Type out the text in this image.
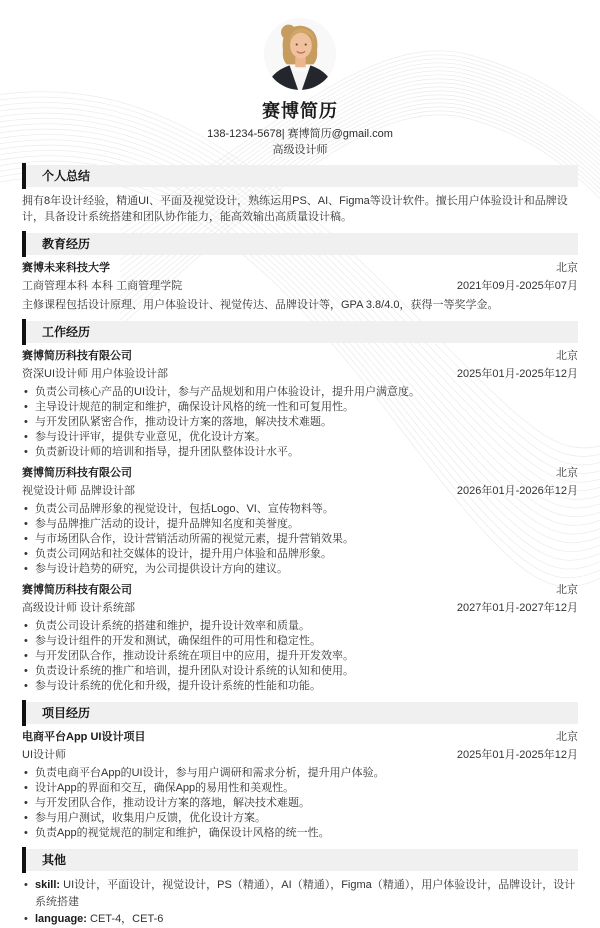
赛博简历
138-1234-5678| 赛博简历@gmail.com
高级设计师
个人总结

拥有8年设计经验，精通UI、平面及视觉设计，熟练运用PS、AI、Figma等设计软件。擅长用户体验设计和品牌设计，具备设计系统搭建和团队协作能力，能高效输出高质量设计稿。

教育经历
赛博未来科技大学	北京
工商管理本科 本科 工商管理学院	2021年09月-2025年07月
主修课程包括设计原理、用户体验设计、视觉传达、品牌设计等，GPA 3.8/4.0，获得一等奖学金。
工作经历
赛博简历科技有限公司	北京
资深UI设计师 用户体验设计部	2025年01月-2025年12月
• 负责公司核心产品的UI设计，参与产品规划和用户体验设计，提升用户满意度。
• 主导设计规范的制定和维护，确保设计风格的统一性和可复用性。
• 与开发团队紧密合作，推动设计方案的落地，解决技术难题。
• 参与设计评审，提供专业意见，优化设计方案。
• 负责新设计师的培训和指导，提升团队整体设计水平。
赛博简历科技有限公司	北京
视觉设计师 品牌设计部	2026年01月-2026年12月
• 负责公司品牌形象的视觉设计，包括Logo、VI、宣传物料等。
• 参与品牌推广活动的设计，提升品牌知名度和美誉度。
• 与市场团队合作，设计营销活动所需的视觉元素，提升营销效果。
• 负责公司网站和社交媒体的设计，提升用户体验和品牌形象。
• 参与设计趋势的研究，为公司提供设计方向的建议。
赛博简历科技有限公司	北京
高级设计师 设计系统部	2027年01月-2027年12月
• 负责公司设计系统的搭建和维护，提升设计效率和质量。
• 参与设计组件的开发和测试，确保组件的可用性和稳定性。
• 与开发团队合作，推动设计系统在项目中的应用，提升开发效率。
• 负责设计系统的推广和培训，提升团队对设计系统的认知和使用。
• 参与设计系统的优化和升级，提升设计系统的性能和功能。
项目经历
电商平台App UI设计项目	北京
UI设计师	2025年01月-2025年12月
• 负责电商平台App的UI设计，参与用户调研和需求分析，提升用户体验。
• 设计App的界面和交互，确保App的易用性和美观性。
• 与开发团队合作，推动设计方案的落地，解决技术难题。
• 参与用户测试，收集用户反馈，优化设计方案。
• 负责App的视觉规范的制定和维护，确保设计风格的统一性。
其他
• skill: UI设计，平面设计，视觉设计，PS（精通），AI（精通），Figma（精通），用户体验设计，品牌设计，设计系统搭建
• language: CET-4，CET-6
